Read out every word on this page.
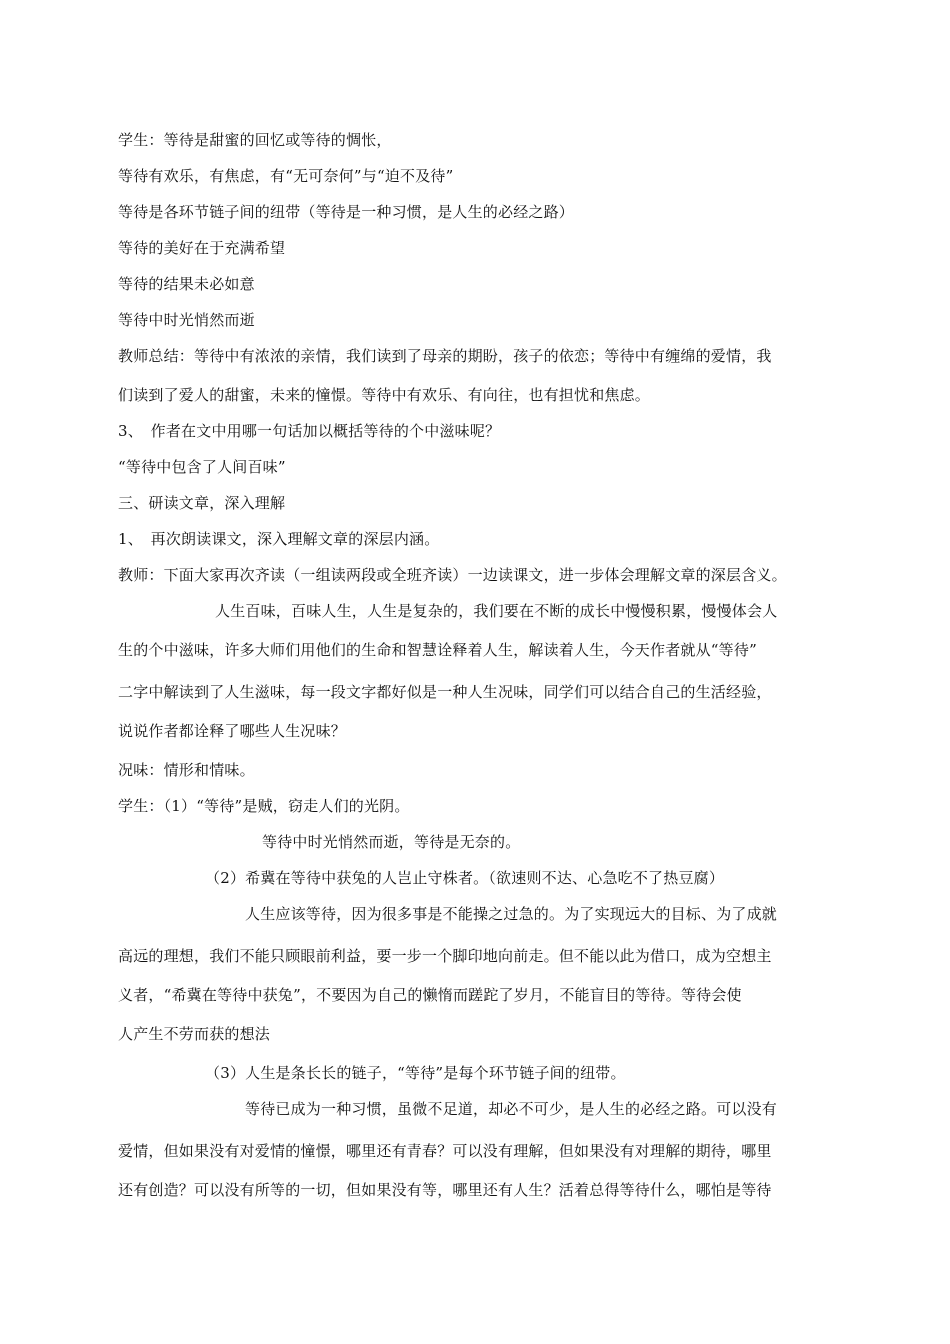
学生：等待是甜蜜的回忆或等待的惆怅，
等待有欢乐，有焦虑，有“无可奈何”与“迫不及待”
等待是各环节链子间的纽带（等待是一种习惯，是人生的必经之路）
等待的美好在于充满希望
等待的结果未必如意
等待中时光悄然而逝
教师总结：等待中有浓浓的亲情，我们读到了母亲的期盼，孩子的依恋；等待中有缠绵的爱情，我
们读到了爱人的甜蜜，未来的憧憬。等待中有欢乐、有向往，也有担忧和焦虑。
3、　作者在文中用哪一句话加以概括等待的个中滋味呢？
“等待中包含了人间百味”
三、研读文章，深入理解
1、　再次朗读课文，深入理解文章的深层内涵。
教师：下面大家再次齐读（一组读两段或全班齐读）一边读课文，进一步体会理解文章的深层含义。
人生百味，百味人生，人生是复杂的，我们要在不断的成长中慢慢积累，慢慢体会人
生的个中滋味，许多大师们用他们的生命和智慧诠释着人生，解读着人生，今天作者就从“等待”
二字中解读到了人生滋味，每一段文字都好似是一种人生况味，同学们可以结合自己的生活经验，
说说作者都诠释了哪些人生况味？
况味：情形和情味。
学生：（1）“等待”是贼，窃走人们的光阴。
等待中时光悄然而逝，等待是无奈的。
（2）希冀在等待中获兔的人岂止守株者。（欲速则不达、心急吃不了热豆腐）
人生应该等待，因为很多事是不能操之过急的。为了实现远大的目标、为了成就
高远的理想，我们不能只顾眼前利益，要一步一个脚印地向前走。但不能以此为借口，成为空想主
义者，“希冀在等待中获兔”，不要因为自己的懒惰而蹉跎了岁月，不能盲目的等待。等待会使
人产生不劳而获的想法
（3）人生是条长长的链子，“等待”是每个环节链子间的纽带。
等待已成为一种习惯，虽微不足道，却必不可少，是人生的必经之路。可以没有
爱情，但如果没有对爱情的憧憬，哪里还有青春？可以没有理解，但如果没有对理解的期待，哪里
还有创造？可以没有所等的一切，但如果没有等，哪里还有人生？活着总得等待什么，哪怕是等待
